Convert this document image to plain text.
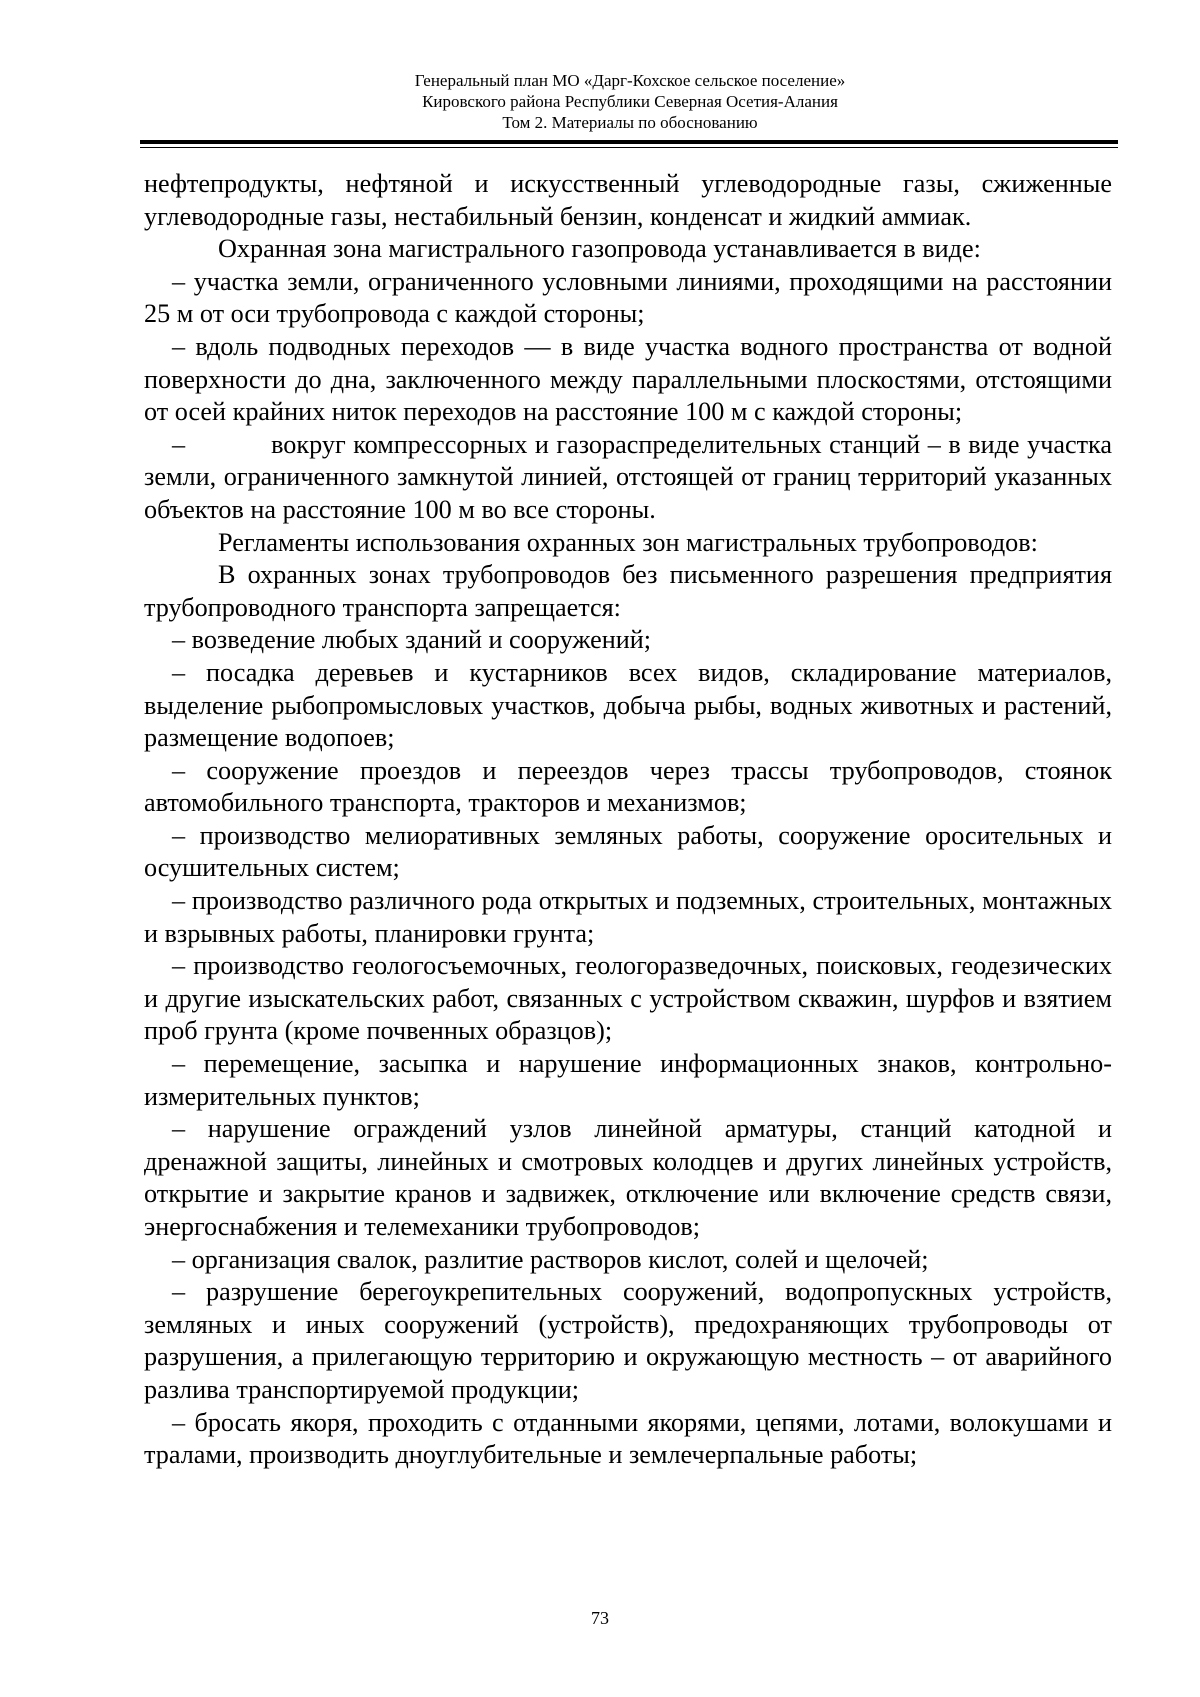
Генеральный план МО «Дарг-Кохское сельское поселение»
Кировского района Республики Северная Осетия-Алания
Том 2. Материалы по обоснованию

нефтепродукты, нефтяной и искусственный углеводородные газы, сжиженные углеводородные газы, нестабильный бензин, конденсат и жидкий аммиак.

Охранная зона магистрального газопровода устанавливается в виде:

– участка земли, ограниченного условными линиями, проходящими на расстоянии 25 м от оси трубопровода с каждой стороны;

– вдоль подводных переходов — в виде участка водного пространства от водной поверхности до дна, заключенного между параллельными плоскостями, отстоящими от осей крайних ниток переходов на расстояние 100 м с каждой стороны;

–	вокруг компрессорных и газораспределительных станций – в виде участка земли, ограниченного замкнутой линией, отстоящей от границ территорий указанных объектов на расстояние 100 м во все стороны.

Регламенты использования охранных зон магистральных трубопроводов:

В охранных зонах трубопроводов без письменного разрешения предприятия трубопроводного транспорта запрещается:

– возведение любых зданий и сооружений;

– посадка деревьев и кустарников всех видов, складирование материалов, выделение рыбопромысловых участков, добыча рыбы, водных животных и растений, размещение водопоев;

– сооружение проездов и переездов через трассы трубопроводов, стоянок автомобильного транспорта, тракторов и механизмов;

– производство мелиоративных земляных работы, сооружение оросительных и осушительных систем;

– производство различного рода открытых и подземных, строительных, монтажных и взрывных работы, планировки грунта;

– производство геологосъемочных, геологоразведочных, поисковых, геодезических и другие изыскательских работ, связанных с устройством скважин, шурфов и взятием проб грунта (кроме почвенных образцов);

– перемещение, засыпка и нарушение информационных знаков, контрольно-измерительных пунктов;

– нарушение ограждений узлов линейной арматуры, станций катодной и дренажной защиты, линейных и смотровых колодцев и других линейных устройств, открытие и закрытие кранов и задвижек, отключение или включение средств связи, энергоснабжения и телемеханики трубопроводов;

– организация свалок, разлитие растворов кислот, солей и щелочей;

– разрушение берегоукрепительных сооружений, водопропускных устройств, земляных и иных сооружений (устройств), предохраняющих трубопроводы от разрушения, а прилегающую территорию и окружающую местность – от аварийного разлива транспортируемой продукции;

– бросать якоря, проходить с отданными якорями, цепями, лотами, волокушами и тралами, производить дноуглубительные и землечерпальные работы;

73
